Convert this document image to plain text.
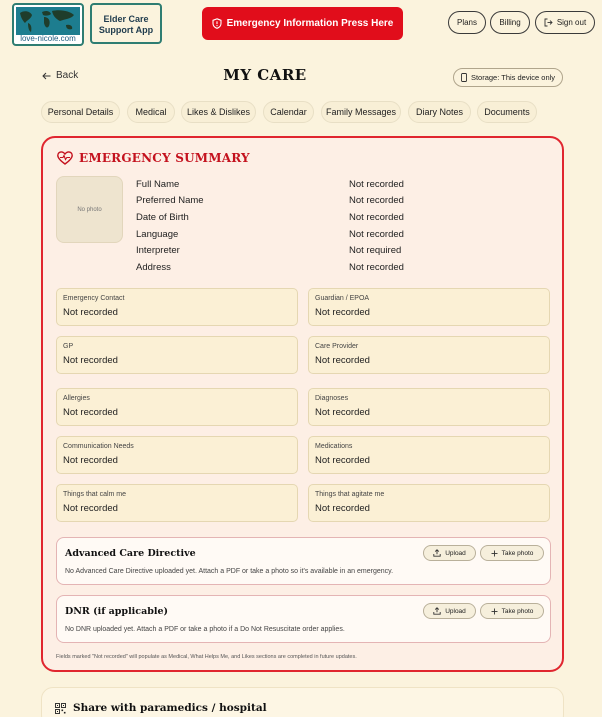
love-nicole.com
Elder Care
Support App
Emergency Information Press Here	Plans	Billing	Sign out
Back	MY CARE	Storage: This device only
Personal Details	Medical	Likes & Dislikes	Calendar	Family Messages	Diary Notes	Documents
EMERGENCY SUMMARY
No photo
Full Name	Not recorded
Preferred Name	Not recorded
Date of Birth	Not recorded
Language	Not recorded
Interpreter	Not required
Address	Not recorded
Emergency Contact
Not recorded
Guardian / EPOA
Not recorded
GP
Not recorded
Care Provider
Not recorded
Allergies
Not recorded
Diagnoses
Not recorded
Communication Needs
Not recorded
Medications
Not recorded
Things that calm me
Not recorded
Things that agitate me
Not recorded
Advanced Care Directive
No Advanced Care Directive uploaded yet. Attach a PDF or take a photo so it's available in an emergency.
Upload	Take photo
DNR (if applicable)
No DNR uploaded yet. Attach a PDF or take a photo if a Do Not Resuscitate order applies.
Upload	Take photo
Fields marked "Not recorded" will populate as Medical, What Helps Me, and Likes sections are completed in future updates.
Share with paramedics / hospital
